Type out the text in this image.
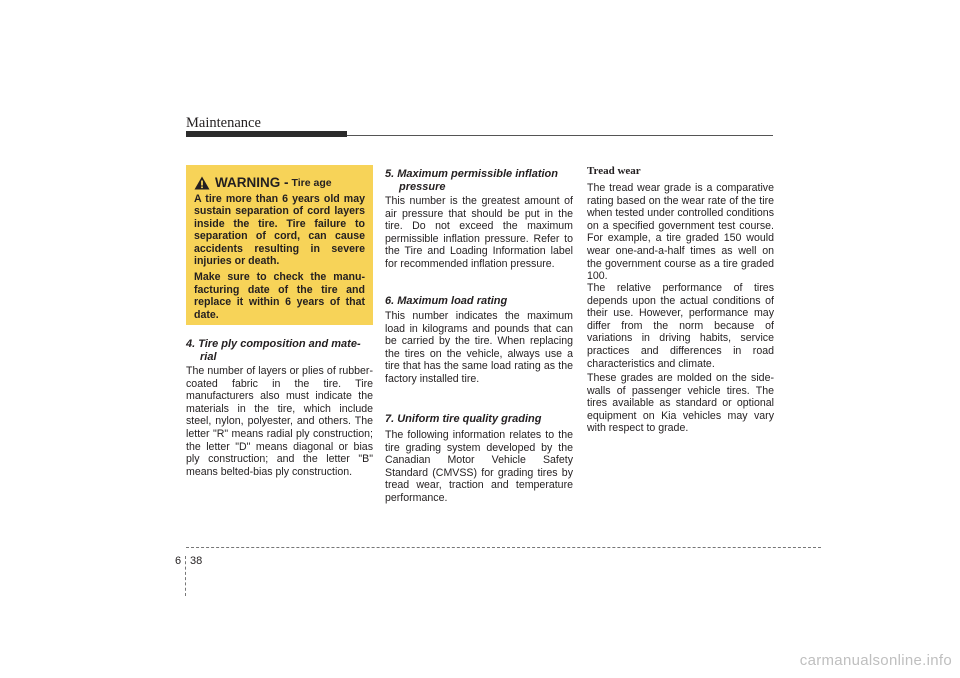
Maintenance
WARNING - Tire age

A tire more than 6 years old may sustain separation of cord layers inside the tire. Tire failure to separation of cord, can cause accidents resulting in severe injuries or death.

Make sure to check the manufacturing date of the tire and replace it within 6 years of that date.

4. Tire ply composition and mate-
rial

The number of layers or plies of rubber-coated fabric in the tire. Tire manufacturers also must indicate the materials in the tire, which include steel, nylon, polyester, and others. The letter "R" means radial ply construction; the letter "D" means diagonal or bias ply construction; and the letter "B" means belted-bias ply construction.

5. Maximum permissible inflation
pressure

This number is the greatest amount of air pressure that should be put in the tire. Do not exceed the maximum permissible inflation pressure. Refer to the Tire and Loading Information label for recommended inflation pressure.

6. Maximum load rating

This number indicates the maximum load in kilograms and pounds that can be carried by the tire. When replacing the tires on the vehicle, always use a tire that has the same load rating as the factory installed tire.

7. Uniform tire quality grading

The following information relates to the tire grading system developed by the Canadian Motor Vehicle Safety Standard (CMVSS) for grading tires by tread wear, traction and temperature performance.

Tread wear

The tread wear grade is a comparative rating based on the wear rate of the tire when tested under controlled conditions on a specified government test course. For example, a tire graded 150 would wear one-and-a-half times as well on the government course as a tire graded 100.

The relative performance of tires depends upon the actual conditions of their use. However, performance may differ from the norm because of variations in driving habits, service practices and differences in road characteristics and climate.

These grades are molded on the side-walls of passenger vehicle tires. The tires available as standard or optional equipment on Kia vehicles may vary with respect to grade.

6 38
carmanualsonline.info
